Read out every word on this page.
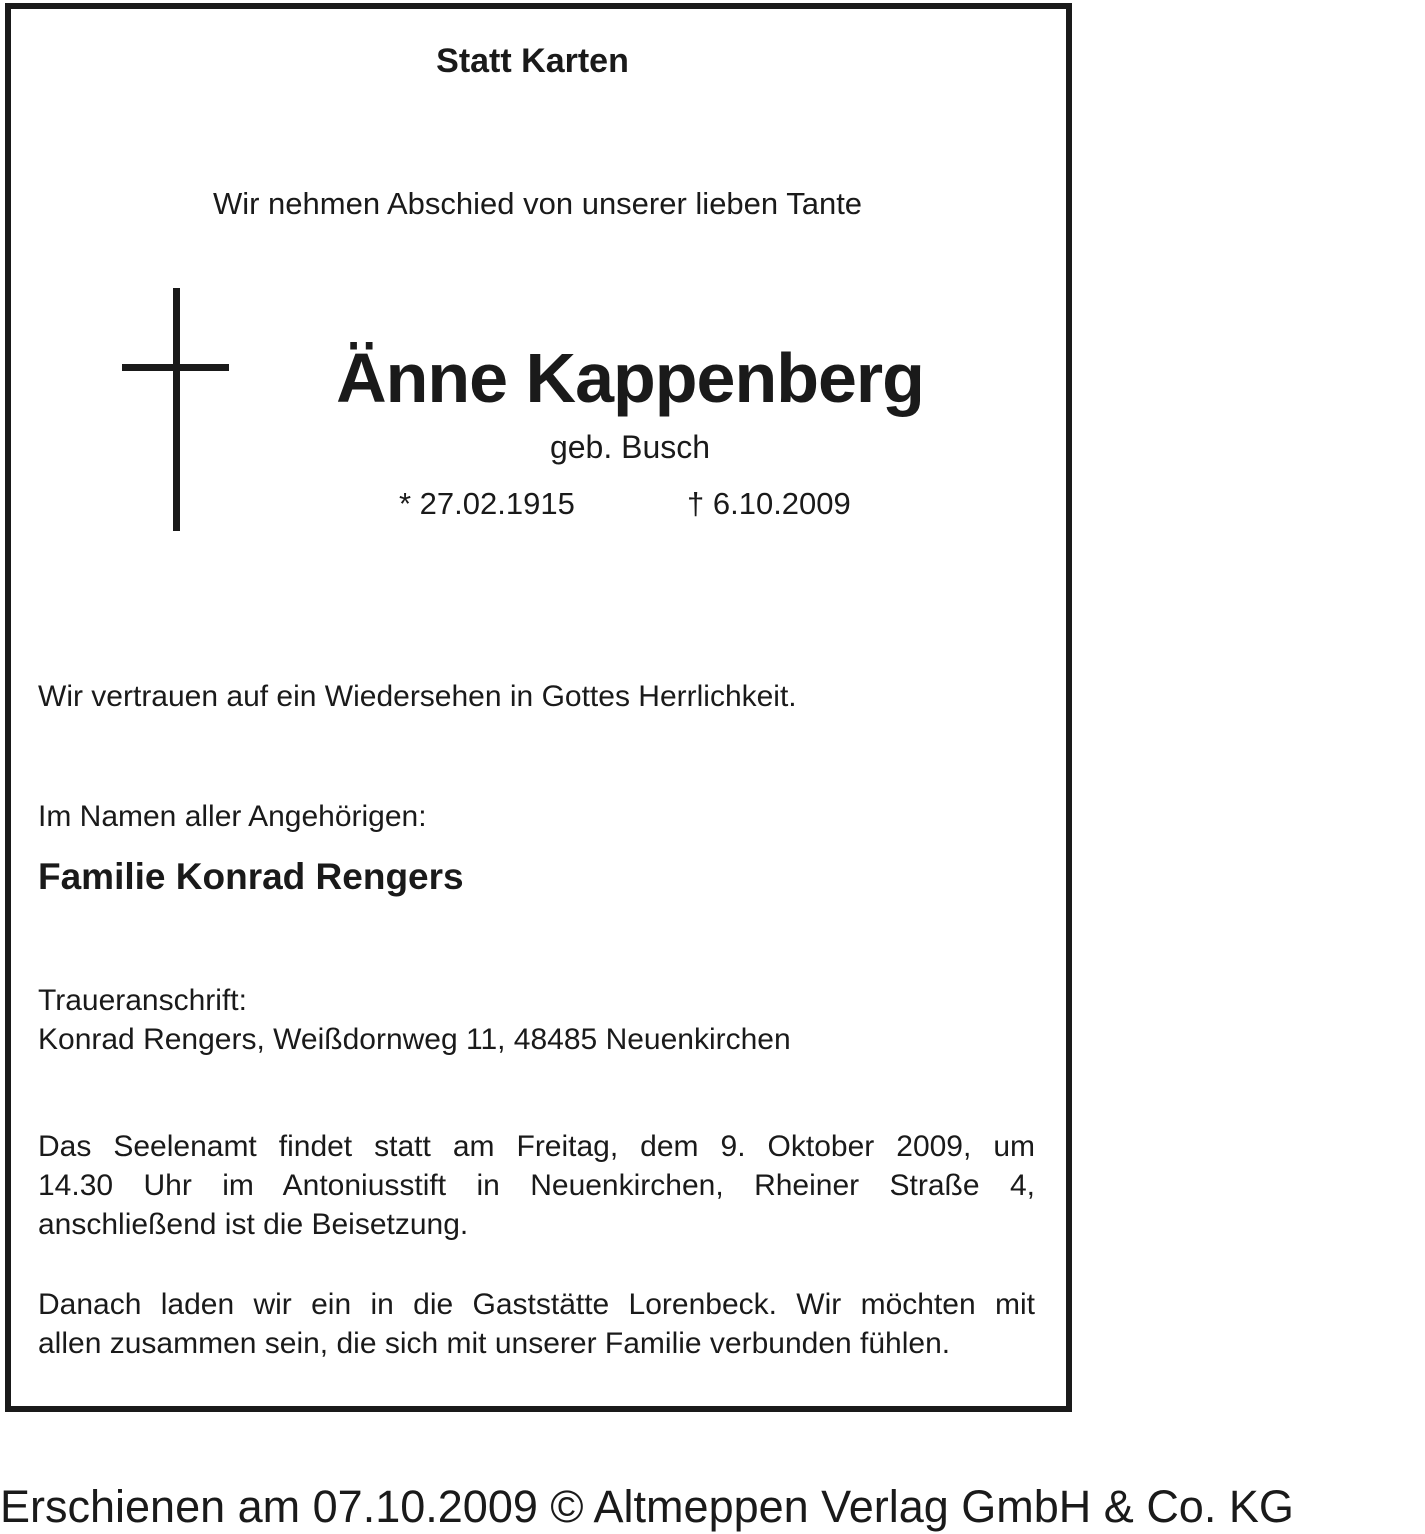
Statt Karten
Wir nehmen Abschied von unserer lieben Tante
Änne Kappenberg
geb. Busch
* 27.02.1915	† 6.10.2009
Wir vertrauen auf ein Wiedersehen in Gottes Herrlichkeit.
Im Namen aller Angehörigen:
Familie Konrad Rengers
Traueranschrift:
Konrad Rengers, Weißdornweg 11, 48485 Neuenkirchen
Das Seelenamt findet statt am Freitag, dem 9. Oktober 2009, um
14.30 Uhr im Antoniusstift in Neuenkirchen, Rheiner Straße 4,
anschließend ist die Beisetzung.
Danach laden wir ein in die Gaststätte Lorenbeck. Wir möchten mit
allen zusammen sein, die sich mit unserer Familie verbunden fühlen.
Erschienen am 07.10.2009 © Altmeppen Verlag GmbH & Co. KG
